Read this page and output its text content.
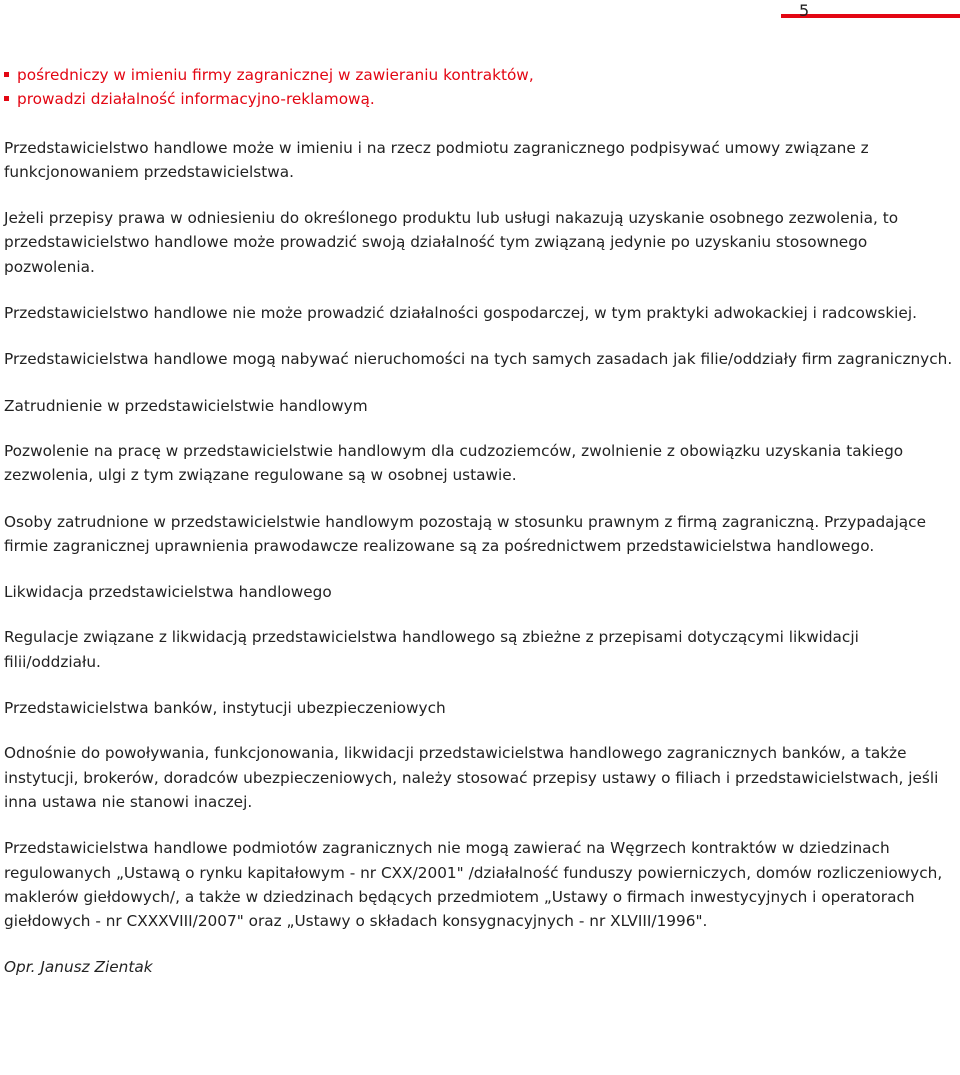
5
pośredniczy w imieniu firmy zagranicznej w zawieraniu kontraktów,
prowadzi działalność informacyjno-reklamową.

Przedstawicielstwo handlowe może w imieniu i na rzecz podmiotu zagranicznego podpisywać umowy związane z funkcjonowaniem przedstawicielstwa.

Jeżeli przepisy prawa w odniesieniu do określonego produktu lub usługi nakazują uzyskanie osobnego zezwolenia, to przedstawicielstwo handlowe może prowadzić swoją działalność tym związaną jedynie po uzyskaniu stosownego pozwolenia.

Przedstawicielstwo handlowe nie może prowadzić działalności gospodarczej, w tym praktyki adwokackiej i radcowskiej.

Przedstawicielstwa handlowe mogą nabywać nieruchomości na tych samych zasadach jak filie/oddziały firm zagranicznych.

Zatrudnienie w przedstawicielstwie handlowym

Pozwolenie na pracę w przedstawicielstwie handlowym dla cudzoziemców, zwolnienie z obowiązku uzyskania takiego zezwolenia, ulgi z tym związane regulowane są w osobnej ustawie.

Osoby zatrudnione w przedstawicielstwie handlowym pozostają w stosunku prawnym z firmą zagraniczną. Przypadające firmie zagranicznej uprawnienia prawodawcze realizowane są za pośrednictwem przedstawicielstwa handlowego.

Likwidacja przedstawicielstwa handlowego

Regulacje związane z likwidacją przedstawicielstwa handlowego są zbieżne z przepisami dotyczącymi likwidacji filii/oddziału.

Przedstawicielstwa banków, instytucji ubezpieczeniowych

Odnośnie do powoływania, funkcjonowania, likwidacji przedstawicielstwa handlowego zagranicznych banków, a także instytucji, brokerów, doradców ubezpieczeniowych, należy stosować przepisy ustawy o filiach i przedstawicielstwach, jeśli inna ustawa nie stanowi inaczej.

Przedstawicielstwa handlowe podmiotów zagranicznych nie mogą zawierać na Węgrzech kontraktów w dziedzinach regulowanych „Ustawą o rynku kapitałowym - nr CXX/2001" /działalność funduszy powierniczych, domów rozliczeniowych, maklerów giełdowych/, a także w dziedzinach będących przedmiotem „Ustawy o firmach inwestycyjnych i operatorach giełdowych - nr CXXXVIII/2007" oraz „Ustawy o składach konsygnacyjnych - nr XLVIII/1996".

Opr. Janusz Zientak
